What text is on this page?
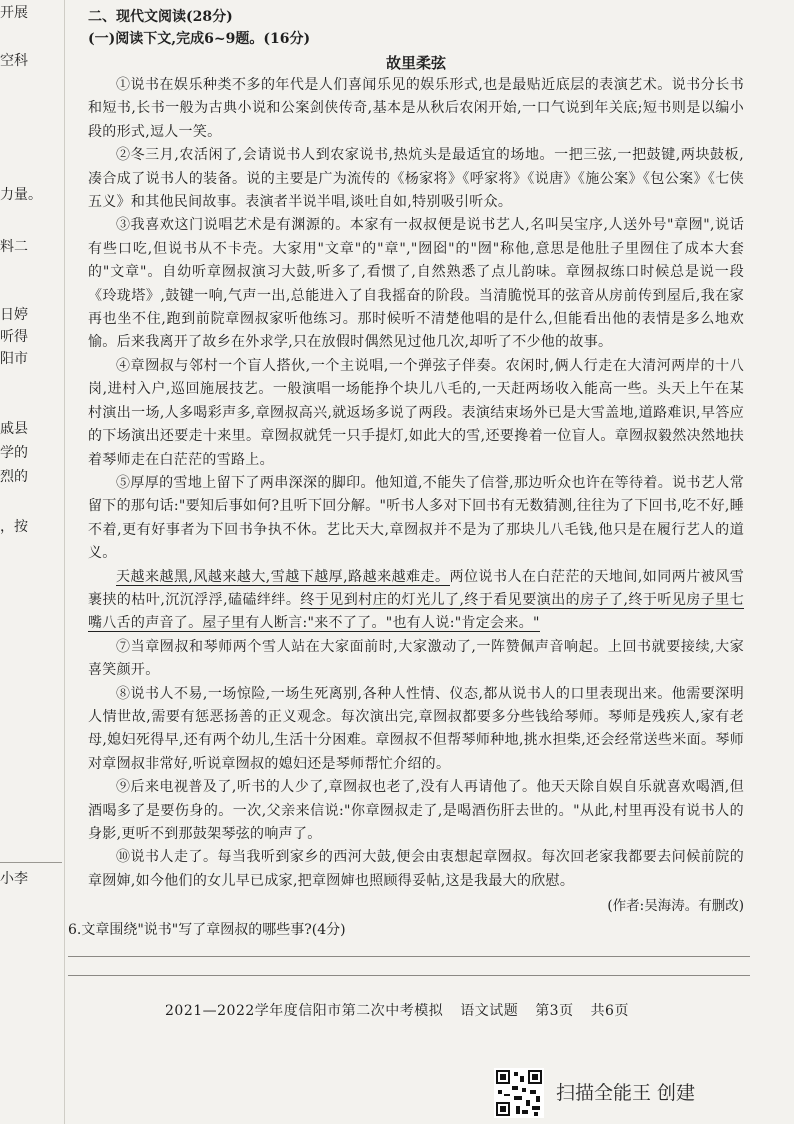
开展
空科
力量。
料二
日婷
听得
阳市
戚县
学的
烈的
，按
小李
二、现代文阅读(28分)
(一)阅读下文,完成6~9题。(16分)
故里柔弦

①说书在娱乐种类不多的年代是人们喜闻乐见的娱乐形式,也是最贴近底层的表演艺术。说书分长书和短书,长书一般为古典小说和公案剑侠传奇,基本是从秋后农闲开始,一口气说到年关底;短书则是以编小段的形式,逗人一笑。

②冬三月,农活闲了,会请说书人到农家说书,热炕头是最适宜的场地。一把三弦,一把鼓键,两块鼓板,凑合成了说书人的装备。说的主要是广为流传的《杨家将》《呼家将》《说唐》《施公案》《包公案》《七侠五义》和其他民间故事。表演者半说半唱,谈吐自如,特别吸引听众。

③我喜欢这门说唱艺术是有渊源的。本家有一叔叔便是说书艺人,名叫吴宝序,人送外号"章囫",说话有些口吃,但说书从不卡壳。大家用"文章"的"章","囫囵"的"囫"称他,意思是他肚子里囫住了成本大套的"文章"。自幼听章囫叔演习大鼓,听多了,看惯了,自然熟悉了点儿韵味。章囫叔练口时候总是说一段《玲珑塔》,鼓键一响,气声一出,总能进入了自我摇奋的阶段。当清脆悦耳的弦音从房前传到屋后,我在家再也坐不住,跑到前院章囫叔家听他练习。那时候听不清楚他唱的是什么,但能看出他的表情是多么地欢愉。后来我离开了故乡在外求学,只在放假时偶然见过他几次,却听了不少他的故事。

④章囫叔与邻村一个盲人搭伙,一个主说唱,一个弹弦子伴奏。农闲时,俩人行走在大清河两岸的十八岗,进村入户,巡回施展技艺。一般演唱一场能挣个块儿八毛的,一天赶两场收入能高一些。头天上午在某村演出一场,人多喝彩声多,章囫叔高兴,就返场多说了两段。表演结束场外已是大雪盖地,道路难识,早答应的下场演出还要走十来里。章囫叔就凭一只手提灯,如此大的雪,还要搀着一位盲人。章囫叔毅然决然地扶着琴师走在白茫茫的雪路上。

⑤厚厚的雪地上留下了两串深深的脚印。他知道,不能失了信誉,那边听众也许在等待着。说书艺人常留下的那句话:"要知后事如何?且听下回分解。"听书人多对下回书有无数猜测,往往为了下回书,吃不好,睡不着,更有好事者为下回书争执不休。艺比天大,章囫叔并不是为了那块儿八毛钱,他只是在履行艺人的道义。

天越来越黑,风越来越大,雪越下越厚,路越来越难走。两位说书人在白茫茫的天地间,如同两片被风雪裹挟的枯叶,沉沉浮浮,磕磕绊绊。终于见到村庄的灯光儿了,终于看见要演出的房子了,终于听见房子里七嘴八舌的声音了。屋子里有人断言:"来不了了。"也有人说:"肯定会来。"

⑦当章囫叔和琴师两个雪人站在大家面前时,大家激动了,一阵赞佩声音响起。上回书就要接续,大家喜笑颜开。

⑧说书人不易,一场惊险,一场生死离别,各种人性情、仪态,都从说书人的口里表现出来。他需要深明人情世故,需要有惩恶扬善的正义观念。每次演出完,章囫叔都要多分些钱给琴师。琴师是残疾人,家有老母,媳妇死得早,还有两个幼儿,生活十分困难。章囫叔不但帮琴师种地,挑水担柴,还会经常送些米面。琴师对章囫叔非常好,听说章囫叔的媳妇还是琴师帮忙介绍的。

⑨后来电视普及了,听书的人少了,章囫叔也老了,没有人再请他了。他天天除自娱自乐就喜欢喝酒,但酒喝多了是要伤身的。一次,父亲来信说:"你章囫叔走了,是喝酒伤肝去世的。"从此,村里再没有说书人的身影,更听不到那鼓架琴弦的响声了。

⑩说书人走了。每当我听到家乡的西河大鼓,便会由衷想起章囫叔。每次回老家我都要去问候前院的章囫婶,如今他们的女儿早已成家,把章囫婶也照顾得妥帖,这是我最大的欣慰。

(作者:吴海涛。有删改)
6.文章围绕"说书"写了章囫叔的哪些事?(4分)
2021—2022学年度信阳市第二次中考模拟 语文试题 第3页 共6页
扫描全能王 创建
